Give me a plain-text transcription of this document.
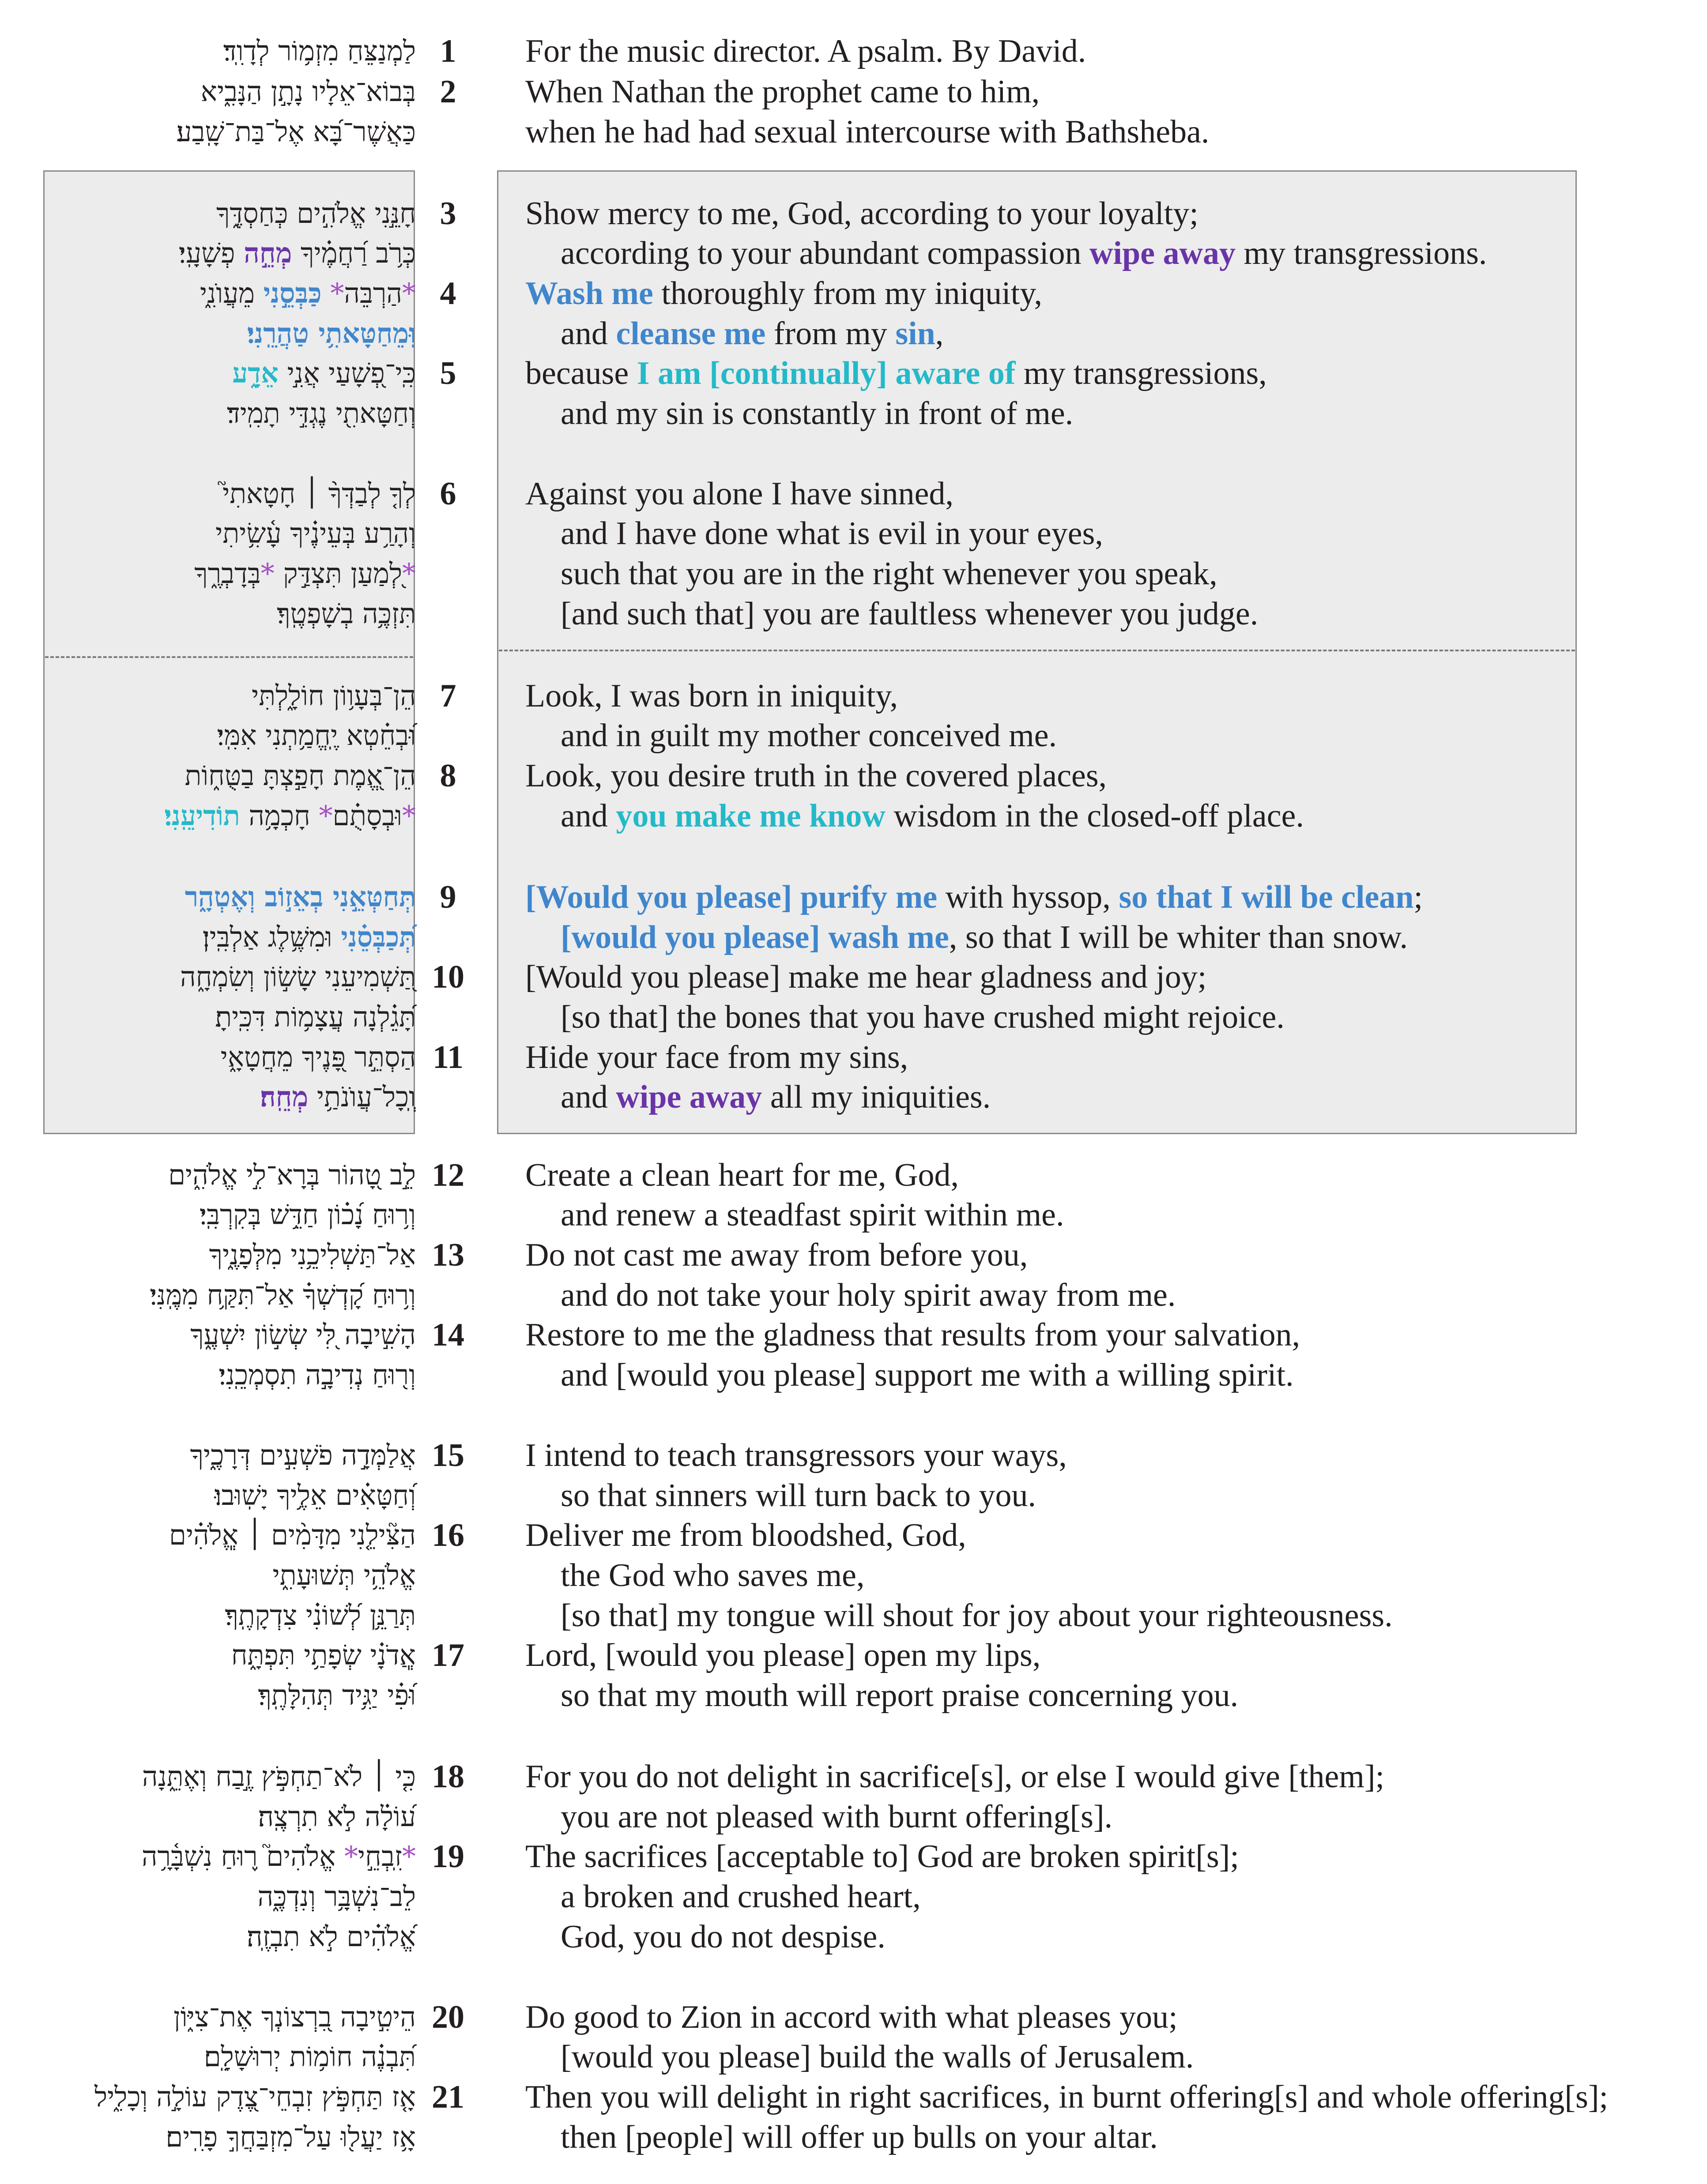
לַמְנַצֵּחַ מִזְמ֥וֹר לְדָוִֽד׃ 1	For the music director. A psalm. By David.
בְּבוֹא־אֵלָיו נָתָ֣ן הַנָּבִ֑יא 2	When Nathan the prophet came to him,
כַּאֲשֶׁר־בָּ֝א אֶל־בַּת־שָֽׁבַע׃	when he had had sexual intercourse with Bathsheba.
חָנֵּ֣נִי אֱלֹהִ֣ים כְּחַסְדֶּ֑ךָ 3	Show mercy to me, God, according to your loyalty;
כְּרֹ֥ב רַ֝חֲמֶ֗יךָ מְחֵ֣ה פְשָׁעָֽי׃	according to your abundant compassion wipe away my transgressions.
*הַרְבֵּה* כַּבְּסֵ֣נִי מֵעֲוֺנִ֑י	4	Wash me thoroughly from my iniquity,
וּֽמֵחַטָּאתִ֥י טַהֲרֵֽנִי׃	and cleanse me from my sin,
כִּֽי־פְ֭שָׁעַי אֲנִ֣י אֵדָ֑ע	5	because I am [continually] aware of my transgressions,
וְחַטָּאתִ֖י נֶגְדִּ֣י תָמִֽיד׃	and my sin is constantly in front of me.
לְךָ֤ לְבַדְּךָ֨ ׀ חָטָאתִי֮ 6	Against you alone I have sinned,
וְהָרַ֥ע בְּעֵינֶ֗יךָ עָ֫שִׂ֥יתִי	and I have done what is evil in your eyes,
*לְ֭מַעַן תִּצְדַּ֣ק *בְּדָבְרֶ֑ךָ	such that you are in the right whenever you speak,
תִּזְכֶּ֥ה בְשָׁפְטֶֽךָ׃	[and such that] you are faultless whenever you judge.
הֵן־בְּעָו֥וֹן חוֹלָ֑לְתִּי 7	Look, I was born in iniquity,
וּ֝בְחֵ֗טְא יֶֽחֱמַ֥תְנִי אִמִּֽי׃	and in guilt my mother conceived me.
הֵן־אֱ֭מֶת חָפַ֣צְתָּ בַטֻּח֑וֹת 8	Look, you desire truth in the covered places,
*וּבְסָתֻ֗ם* חָכְמָ֥ה תוֹדִיעֵֽנִי׃	and you make me know wisdom in the closed-off place.
תְּחַטְּאֵ֣נִי בְאֵז֣וֹב וְאֶטְהָ֑ר 9	[Would you please] purify me with hyssop, so that I will be clean;
תְּ֝כַבְּסֵ֗נִי וּמִשֶּׁ֥לֶג אַלְבִּֽין׃	[would you please] wash me, so that I will be whiter than snow.
תַּ֭שְׁמִיעֵנִי שָׂשׂ֣וֹן וְשִׂמְחָ֑ה 10	[Would you please] make me hear gladness and joy;
תָּ֝גֵ֗לְנָה עֲצָמ֥וֹת דִּכִּֽיתָ׃	[so that] the bones that you have crushed might rejoice.
הַסְתֵּ֣ר פָּ֭נֶיךָ מֵחֲטָאָ֑י 11	Hide your face from my sins,
וְֽכָל־עֲוֺנֹתַ֥י מְחֵֽה׃	and wipe away all my iniquities.
לֵ֣ב טָ֭הוֹר בְּרָא־לִ֣י אֱלֹהִ֑ים 12	Create a clean heart for me, God,
וְר֥וּחַ נָ֝כ֗וֹן חַדֵּ֥שׁ בְּקִרְבִּֽי׃	and renew a steadfast spirit within me.
אַל־תַּשְׁלִיכֵ֥נִי מִלְּפָנֶ֑יךָ 13	Do not cast me away from before you,
וְר֥וּחַ קָ֝דְשְׁךָ֗ אַל־תִּקַּ֥ח מִמֶּֽנִּי׃	and do not take your holy spirit away from me.
הָשִׁ֣יבָה לִּ֭י שְׂשׂ֣וֹן יִשְׁעֶ֑ךָ 14	Restore to me the gladness that results from your salvation,
וְר֖וּחַ נְדִיבָ֣ה תִסְמְכֵֽנִי׃	and [would you please] support me with a willing spirit.
אֲלַמְּדָ֣ה פֹשְׁעִ֣ים דְּרָכֶ֑יךָ 15	I intend to teach transgressors your ways,
וְ֝חַטָּאִ֗ים אֵלֶ֥יךָ יָשֽׁוּבוּ׃	so that sinners will turn back to you.
הַצִּ֘ילֵ֤נִי מִדָּמִ֨ים ׀ אֱֽלֹהִ֗ים 16	Deliver me from bloodshed, God,
אֱלֹהֵ֥י תְּשׁוּעָתִ֑י	the God who saves me,
תְּרַנֵּ֥ן לְ֝שׁוֹנִ֗י צִדְקָתֶֽךָ׃	[so that] my tongue will shout for joy about your righteousness.
אֲֽדֹנָ֗י שְׂפָתַ֥י תִּפְתָּ֑ח 17	Lord, [would you please] open my lips,
וּ֝פִ֗י יַגִּ֥יד תְּהִלָּתֶֽךָ׃	so that my mouth will report praise concerning you.
כִּ֤י ׀ לֹא־תַחְפֹּ֣ץ זֶ֣בַח וְאֶתֵּ֑נָה 18	For you do not delight in sacrifice[s], or else I would give [them];
ע֝וֹלָ֗ה לֹ֣א תִרְצֶֽה׃	you are not pleased with burnt offering[s].
*זִֽבְחֵ֣י* אֱלֹהִים֮ ר֪וּחַ נִשְׁבָּ֫רָ֥ה	19	The sacrifices [acceptable to] God are broken spirit[s];
לֵב־נִשְׁבָּ֥ר וְנִדְכֶּ֑ה	a broken and crushed heart,
אֱ֝לֹהִ֗ים לֹ֣א תִבְזֶֽה׃	God, you do not despise.
הֵיטִ֣יבָה בִ֭רְצוֹנְךָ אֶת־צִיּ֑וֹן 20	Do good to Zion in accord with what pleases you;
תִּ֝בְנֶ֗ה חוֹמ֥וֹת יְרוּשָׁלִָֽם׃	[would you please] build the walls of Jerusalem.
אָ֤ז תַּחְפֹּ֣ץ זִבְחֵי־צֶ֭דֶק עוֹלָ֣ה וְכָלִ֑יל 21	Then you will delight in right sacrifices, in burnt offering[s] and whole offering[s];
אָ֥ז יַעֲל֖וּ עַל־מִזְבַּחֲךָ֣ פָרִֽים׃	then [people] will offer up bulls on your altar.
